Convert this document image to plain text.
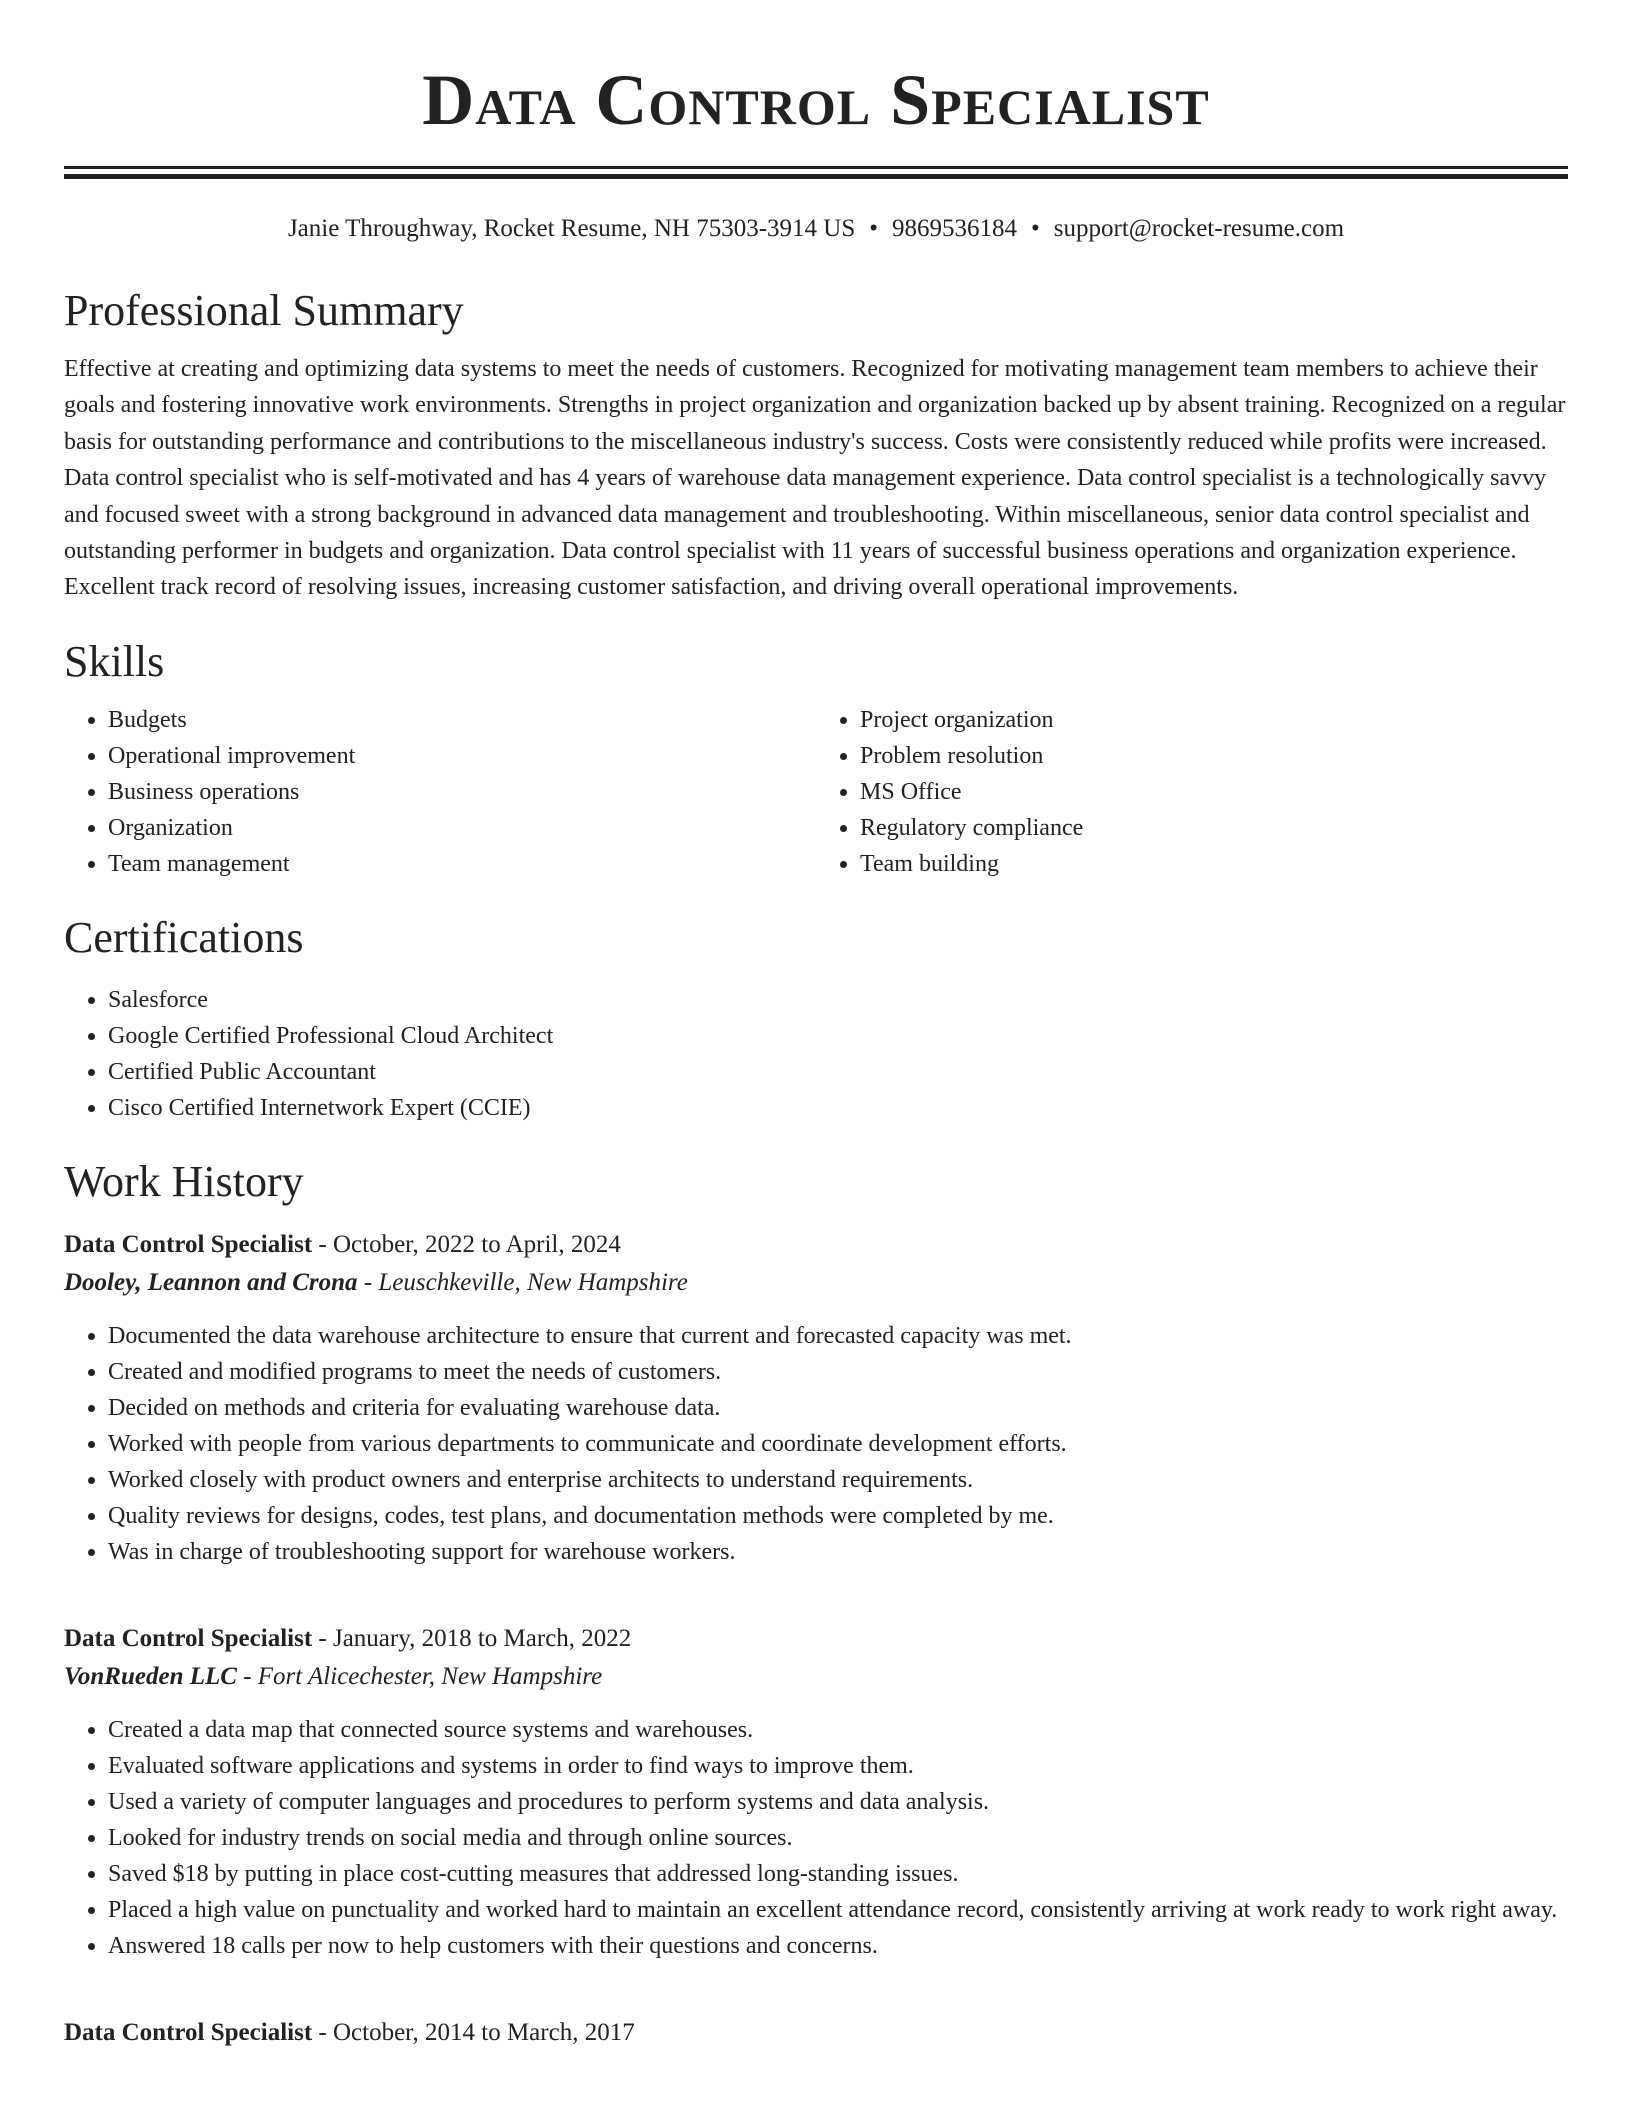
Data Control Specialist
Janie Throughway, Rocket Resume, NH 75303-3914 US • 9869536184 • support@rocket-resume.com
Professional Summary

Effective at creating and optimizing data systems to meet the needs of customers. Recognized for motivating management team members to achieve their goals and fostering innovative work environments. Strengths in project organization and organization backed up by absent training. Recognized on a regular basis for outstanding performance and contributions to the miscellaneous industry's success. Costs were consistently reduced while profits were increased. Data control specialist who is self-motivated and has 4 years of warehouse data management experience. Data control specialist is a technologically savvy and focused sweet with a strong background in advanced data management and troubleshooting. Within miscellaneous, senior data control specialist and outstanding performer in budgets and organization. Data control specialist with 11 years of successful business operations and organization experience. Excellent track record of resolving issues, increasing customer satisfaction, and driving overall operational improvements.

Skills
• Budgets
• Operational improvement
• Business operations
• Organization
• Team management
• Project organization
• Problem resolution
• MS Office
• Regulatory compliance
• Team building
Certifications
• Salesforce
• Google Certified Professional Cloud Architect
• Certified Public Accountant
• Cisco Certified Internetwork Expert (CCIE)
Work History
Data Control Specialist - October, 2022 to April, 2024
Dooley, Leannon and Crona - Leuschkeville, New Hampshire
• Documented the data warehouse architecture to ensure that current and forecasted capacity was met.
• Created and modified programs to meet the needs of customers.
• Decided on methods and criteria for evaluating warehouse data.
• Worked with people from various departments to communicate and coordinate development efforts.
• Worked closely with product owners and enterprise architects to understand requirements.
• Quality reviews for designs, codes, test plans, and documentation methods were completed by me.
• Was in charge of troubleshooting support for warehouse workers.
Data Control Specialist - January, 2018 to March, 2022
VonRueden LLC - Fort Alicechester, New Hampshire
• Created a data map that connected source systems and warehouses.
• Evaluated software applications and systems in order to find ways to improve them.
• Used a variety of computer languages and procedures to perform systems and data analysis.
• Looked for industry trends on social media and through online sources.
• Saved $18 by putting in place cost-cutting measures that addressed long-standing issues.
• Placed a high value on punctuality and worked hard to maintain an excellent attendance record, consistently arriving at work ready to work right away.
• Answered 18 calls per now to help customers with their questions and concerns.
Data Control Specialist - October, 2014 to March, 2017
